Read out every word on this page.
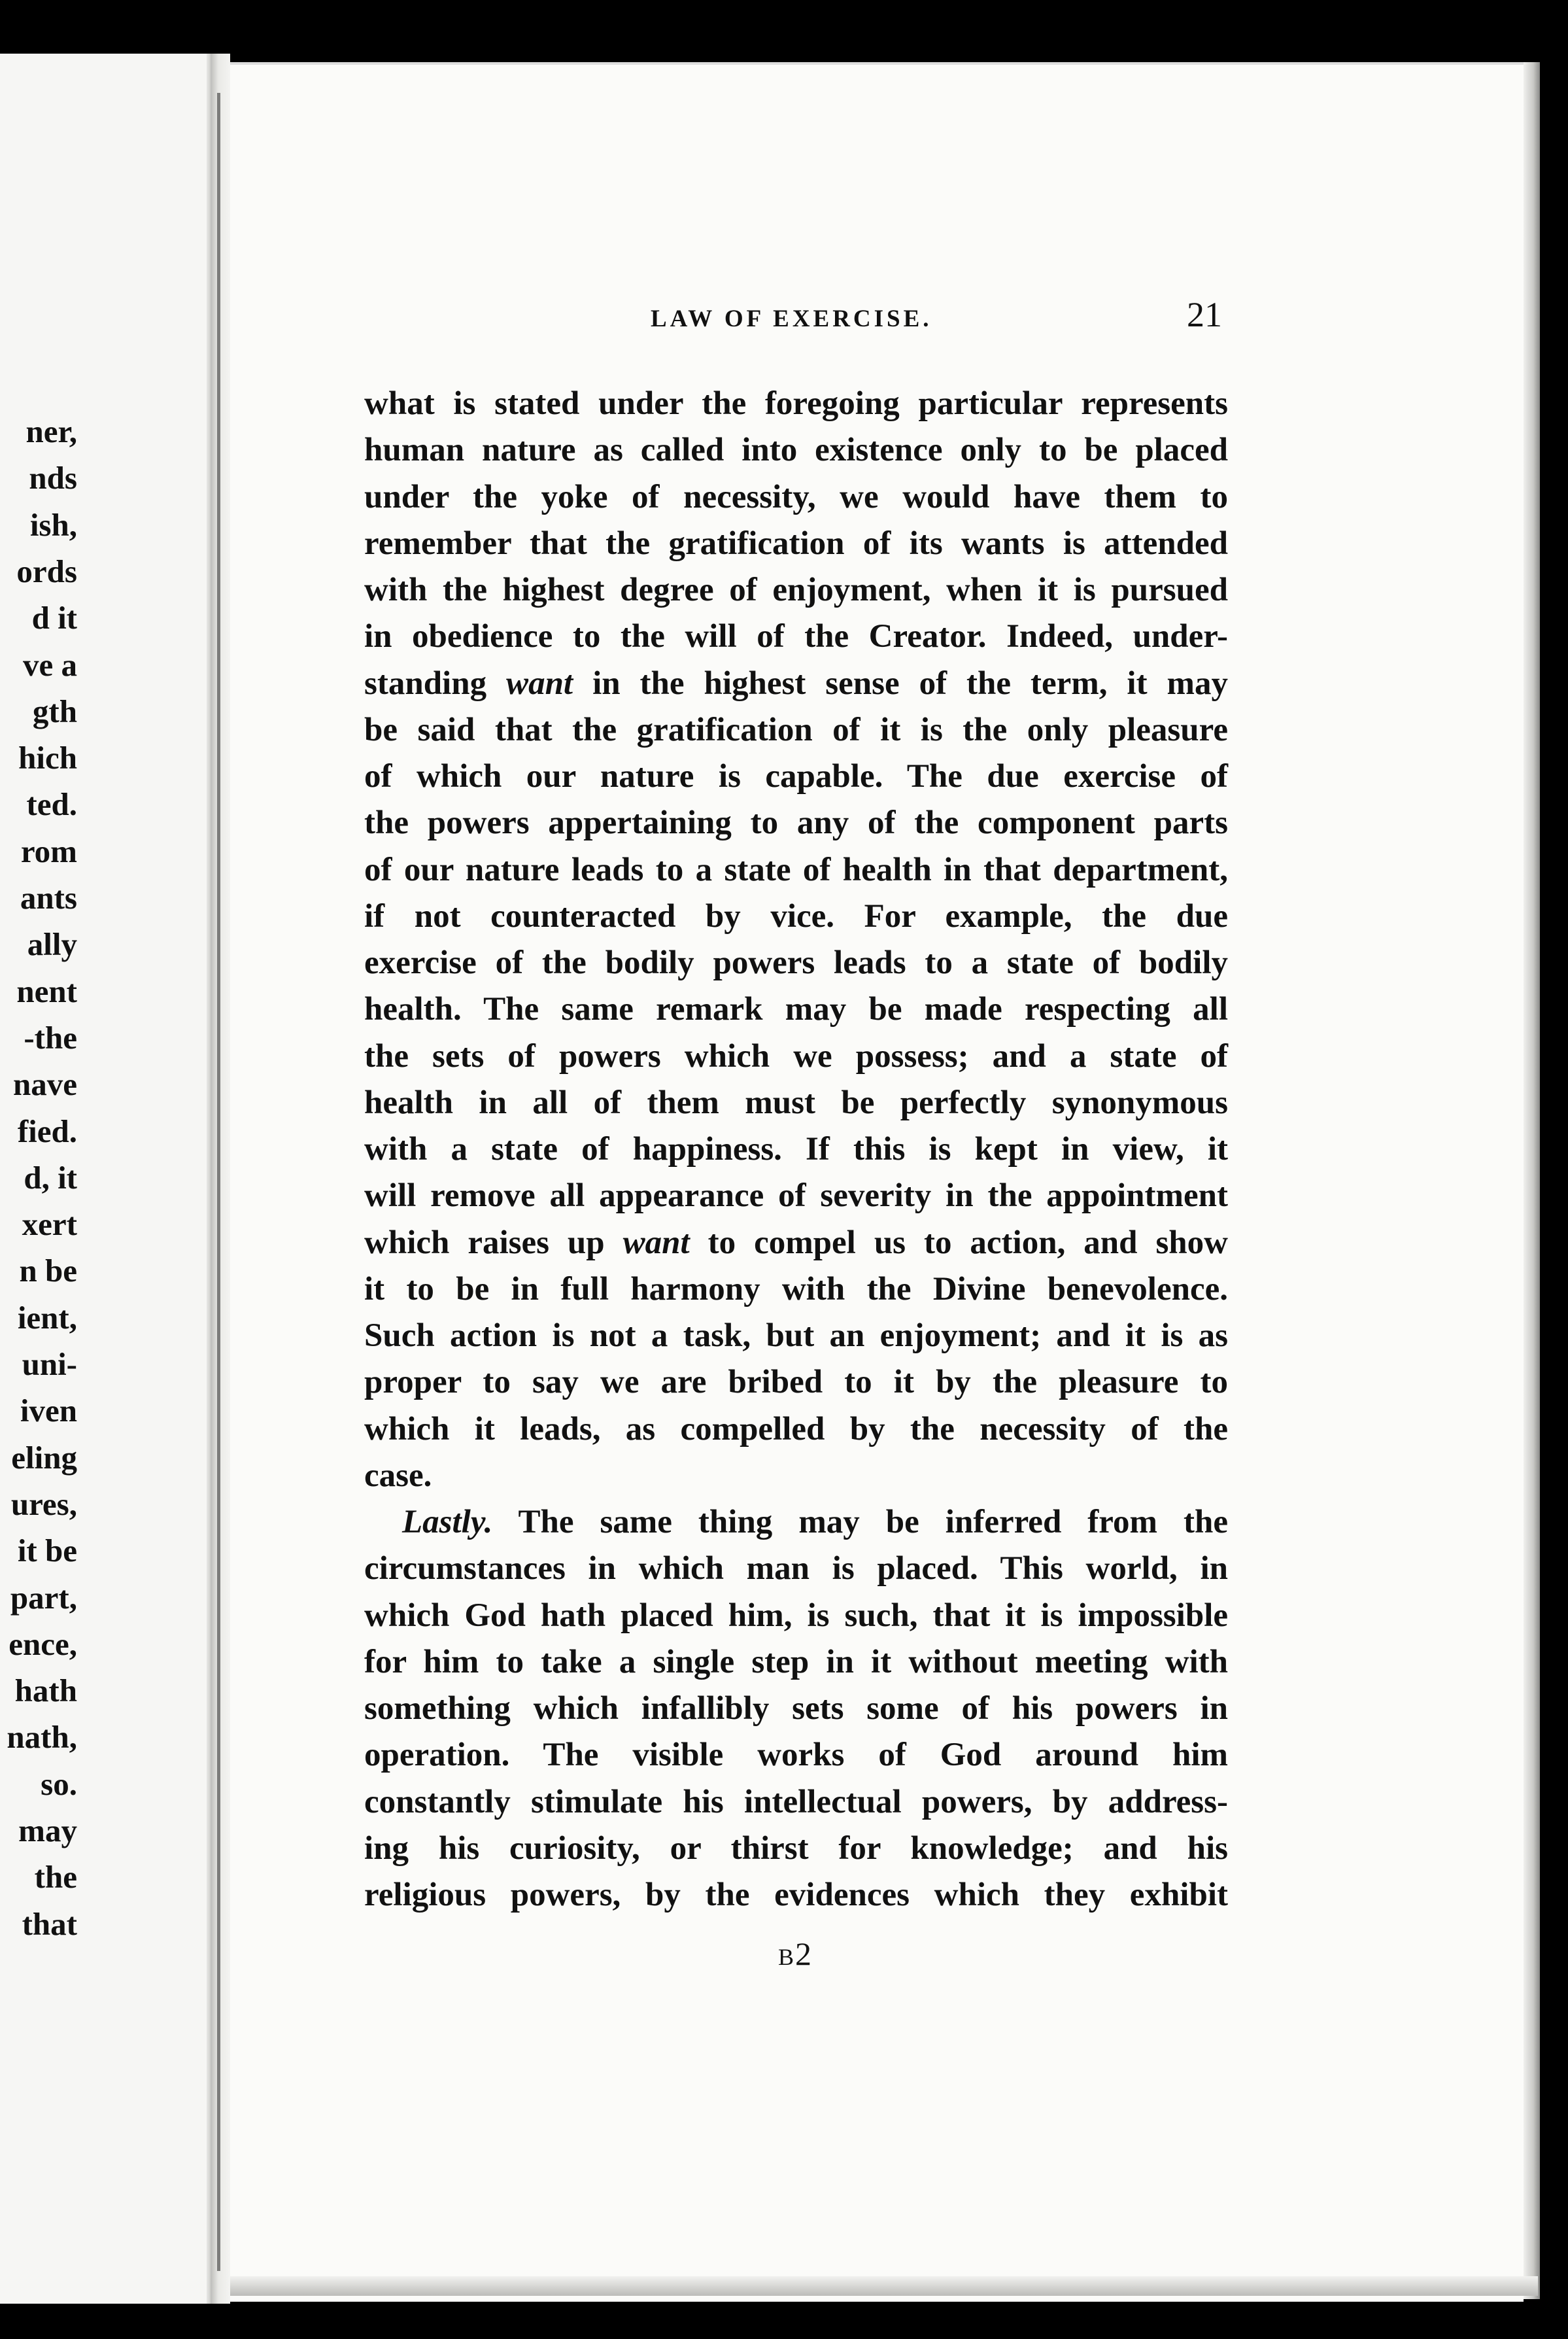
ner,
nds
ish,
ords
d it
ve a
gth
hich
ted.
rom
ants
ally
nent
-the
nave
fied.
d, it
xert
n be
ient,
uni-
iven
eling
ures,
it be
part,
ence,
hath
nath,
so.
may
the
that
LAW OF EXERCISE.	21
what is stated under the foregoing particular represents
human nature as called into existence only to be placed
under the yoke of necessity, we would have them to
remember that the gratification of its wants is attended
with the highest degree of enjoyment, when it is pursued
in obedience to the will of the Creator. Indeed, under-
standing want in the highest sense of the term, it may
be said that the gratification of it is the only pleasure
of which our nature is capable. The due exercise of
the powers appertaining to any of the component parts
of our nature leads to a state of health in that department,
if not counteracted by vice. For example, the due
exercise of the bodily powers leads to a state of bodily
health. The same remark may be made respecting all
the sets of powers which we possess; and a state of
health in all of them must be perfectly synonymous
with a state of happiness. If this is kept in view, it
will remove all appearance of severity in the appointment
which raises up want to compel us to action, and show
it to be in full harmony with the Divine benevolence.
Such action is not a task, but an enjoyment; and it is as
proper to say we are bribed to it by the pleasure to
which it leads, as compelled by the necessity of the
case.
Lastly. The same thing may be inferred from the
circumstances in which man is placed. This world, in
which God hath placed him, is such, that it is impossible
for him to take a single step in it without meeting with
something which infallibly sets some of his powers in
operation. The visible works of God around him
constantly stimulate his intellectual powers, by address-
ing his curiosity, or thirst for knowledge; and his
religious powers, by the evidences which they exhibit
B2
